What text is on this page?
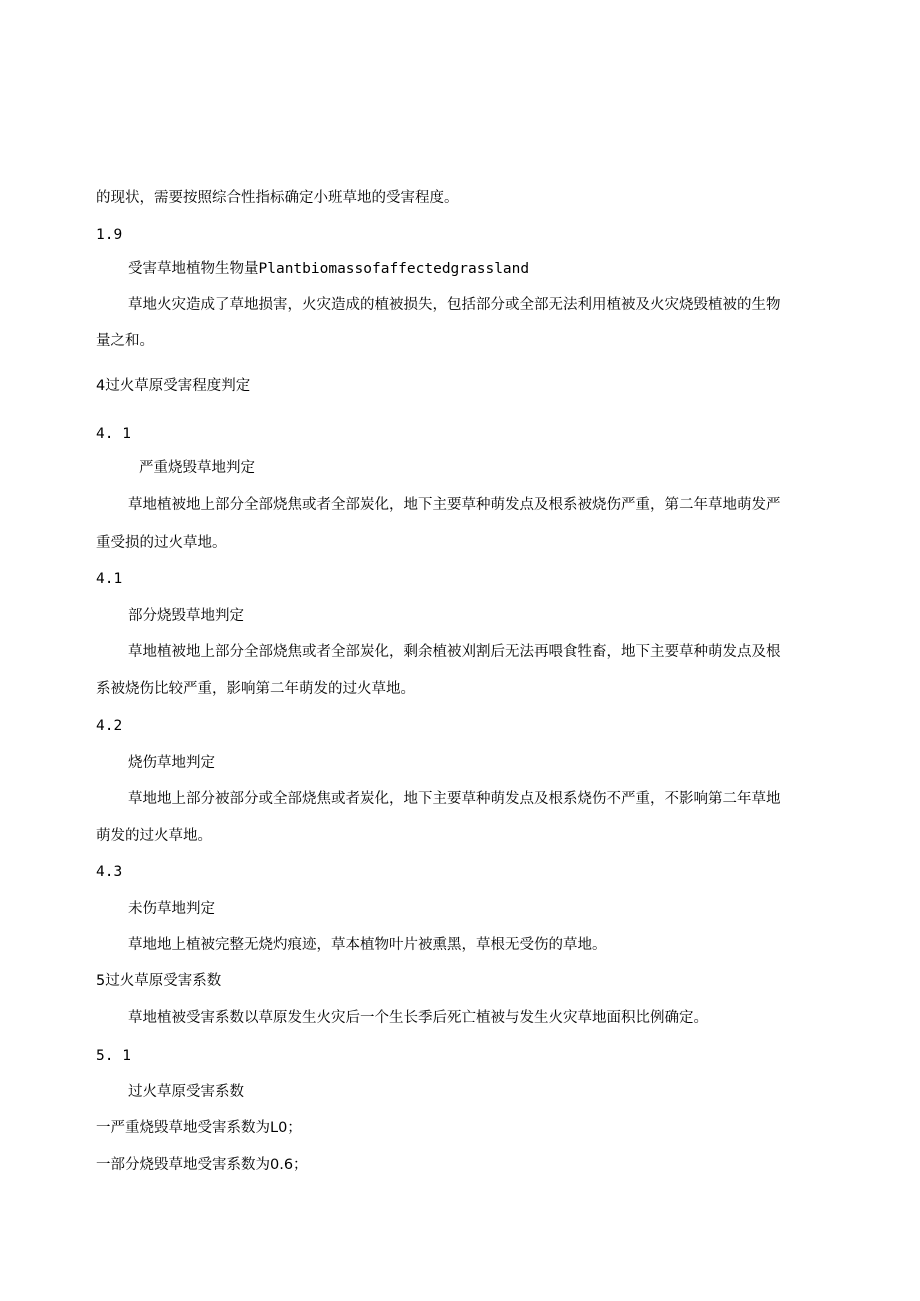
的现状，需要按照综合性指标确定小班草地的受害程度。

1.9

受害草地植物生物量Plantbiomassofaffectedgrassland

草地火灾造成了草地损害，火灾造成的植被损失，包括部分或全部无法利用植被及火灾烧毁植被的生物

量之和。

4过火草原受害程度判定

4. 1

严重烧毁草地判定

草地植被地上部分全部烧焦或者全部炭化，地下主要草种萌发点及根系被烧伤严重，第二年草地萌发严

重受损的过火草地。

4.1

部分烧毁草地判定

草地植被地上部分全部烧焦或者全部炭化，剩余植被刈割后无法再喂食牲畜，地下主要草种萌发点及根

系被烧伤比较严重，影响第二年萌发的过火草地。

4.2

烧伤草地判定

草地地上部分被部分或全部烧焦或者炭化，地下主要草种萌发点及根系烧伤不严重，不影响第二年草地

萌发的过火草地。

4.3

未伤草地判定

草地地上植被完整无烧灼痕迹，草本植物叶片被熏黑，草根无受伤的草地。

5过火草原受害系数

草地植被受害系数以草原发生火灾后一个生长季后死亡植被与发生火灾草地面积比例确定。

5. 1

过火草原受害系数

一严重烧毁草地受害系数为L0；

一部分烧毁草地受害系数为0.6；
